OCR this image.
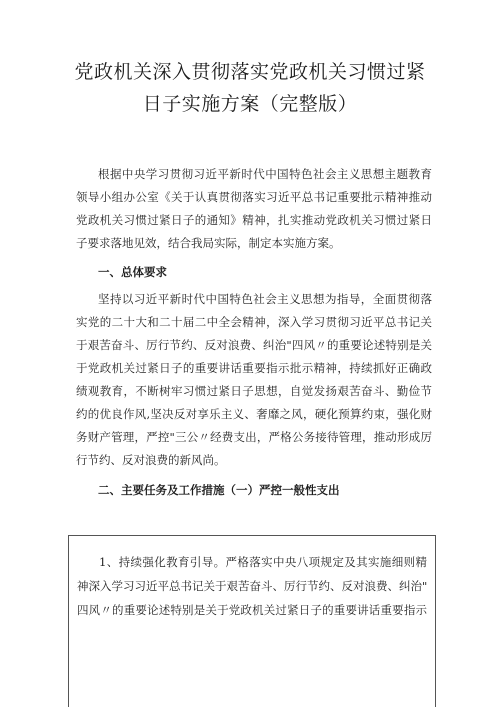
党政机关深入贯彻落实党政机关习惯过紧
日子实施方案（完整版）
根据中央学习贯彻习近平新时代中国特色社会主义思想主题教育
领导小组办公室《关于认真贯彻落实习近平总书记重要批示精神推动
党政机关习惯过紧日子的通知》精神，扎实推动党政机关习惯过紧日
子要求落地见效，结合我局实际，制定本实施方案。
一、总体要求
坚持以习近平新时代中国特色社会主义思想为指导，全面贯彻落
实党的二十大和二十届二中全会精神，深入学习贯彻习近平总书记关
于艰苦奋斗、厉行节约、反对浪费、纠治"四风〃的重要论述特别是关
于党政机关过紧日子的重要讲话重要指示批示精神，持续抓好正确政
绩观教育，不断树牢习惯过紧日子思想，自觉发扬艰苦奋斗、勤俭节
约的优良作风,坚决反对享乐主义、奢靡之风，硬化预算约束，强化财
务财产管理，严控"三公〃经费支出，严格公务接待管理，推动形成厉
行节约、反对浪费的新风尚。
二、主要任务及工作措施（一）严控一般性支出
1、持续强化教育引导。严格落实中央八项规定及其实施细则精
神深入学习习近平总书记关于艰苦奋斗、厉行节约、反对浪费、纠治"
四风〃的重要论述特别是关于党政机关过紧日子的重要讲话重要指示
